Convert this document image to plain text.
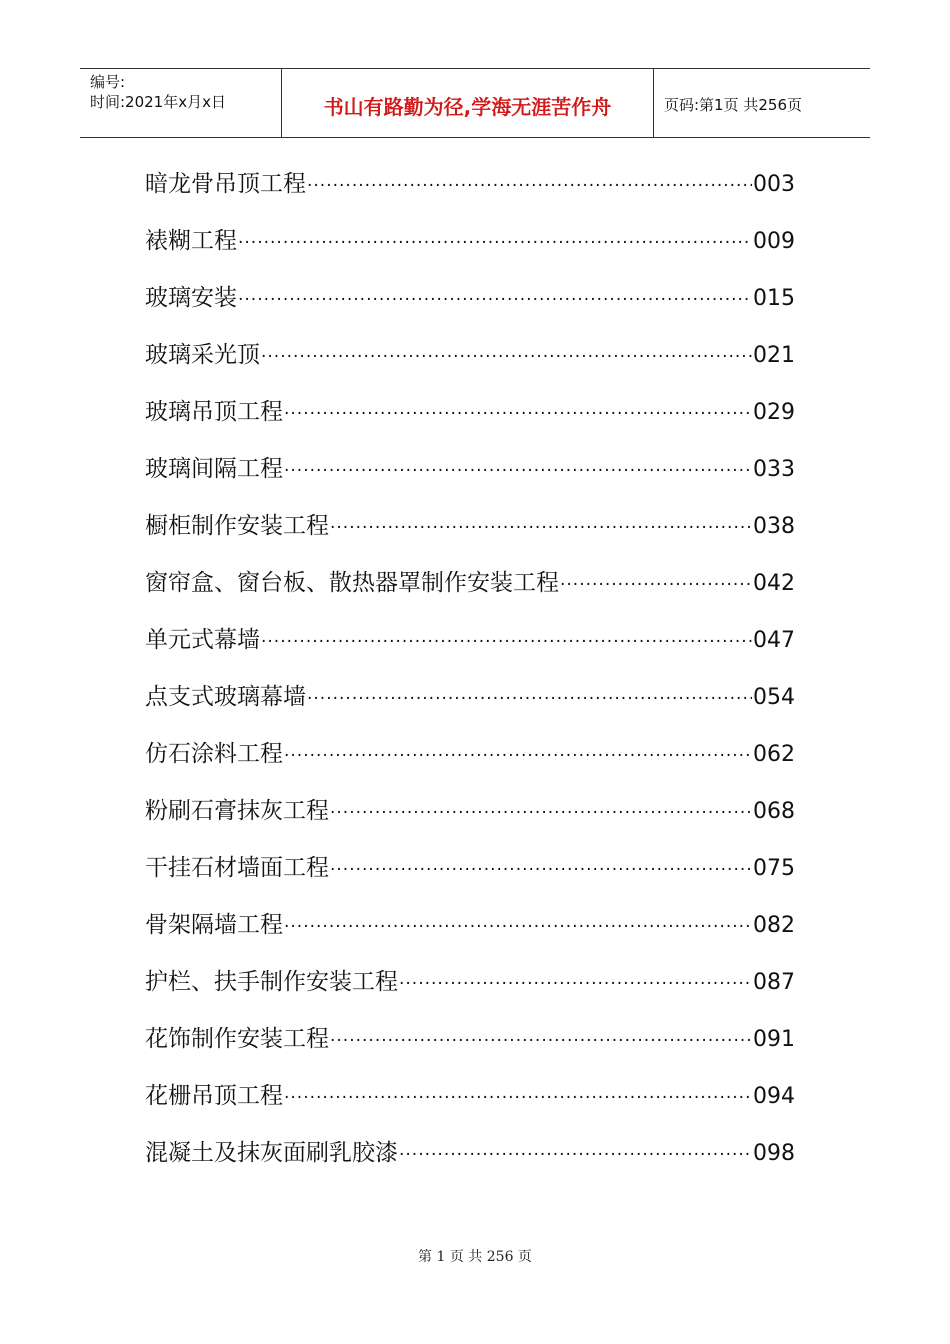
编号:
时间:2021年x月x日	书山有路勤为径,学海无涯苦作舟	页码:第1页 共256页
暗龙骨吊顶工程 ·····	003
裱糊工程 ·····	009
玻璃安装 ·····	015
玻璃采光顶 ·····	021
玻璃吊顶工程 ·····	029
玻璃间隔工程 ·····	033
橱柜制作安装工程 ·····	038
窗帘盒、窗台板、散热器罩制作安装工程 ·····	042
单元式幕墙 ·····	047
点支式玻璃幕墙 ·····	054
仿石涂料工程 ·····	062
粉刷石膏抹灰工程 ·····	068
干挂石材墙面工程 ·····	075
骨架隔墙工程 ·····	082
护栏、扶手制作安装工程 ·····	087
花饰制作安装工程 ·····	091
花栅吊顶工程 ·····	094
混凝土及抹灰面刷乳胶漆 ·····	098
第 1 页 共 256 页
